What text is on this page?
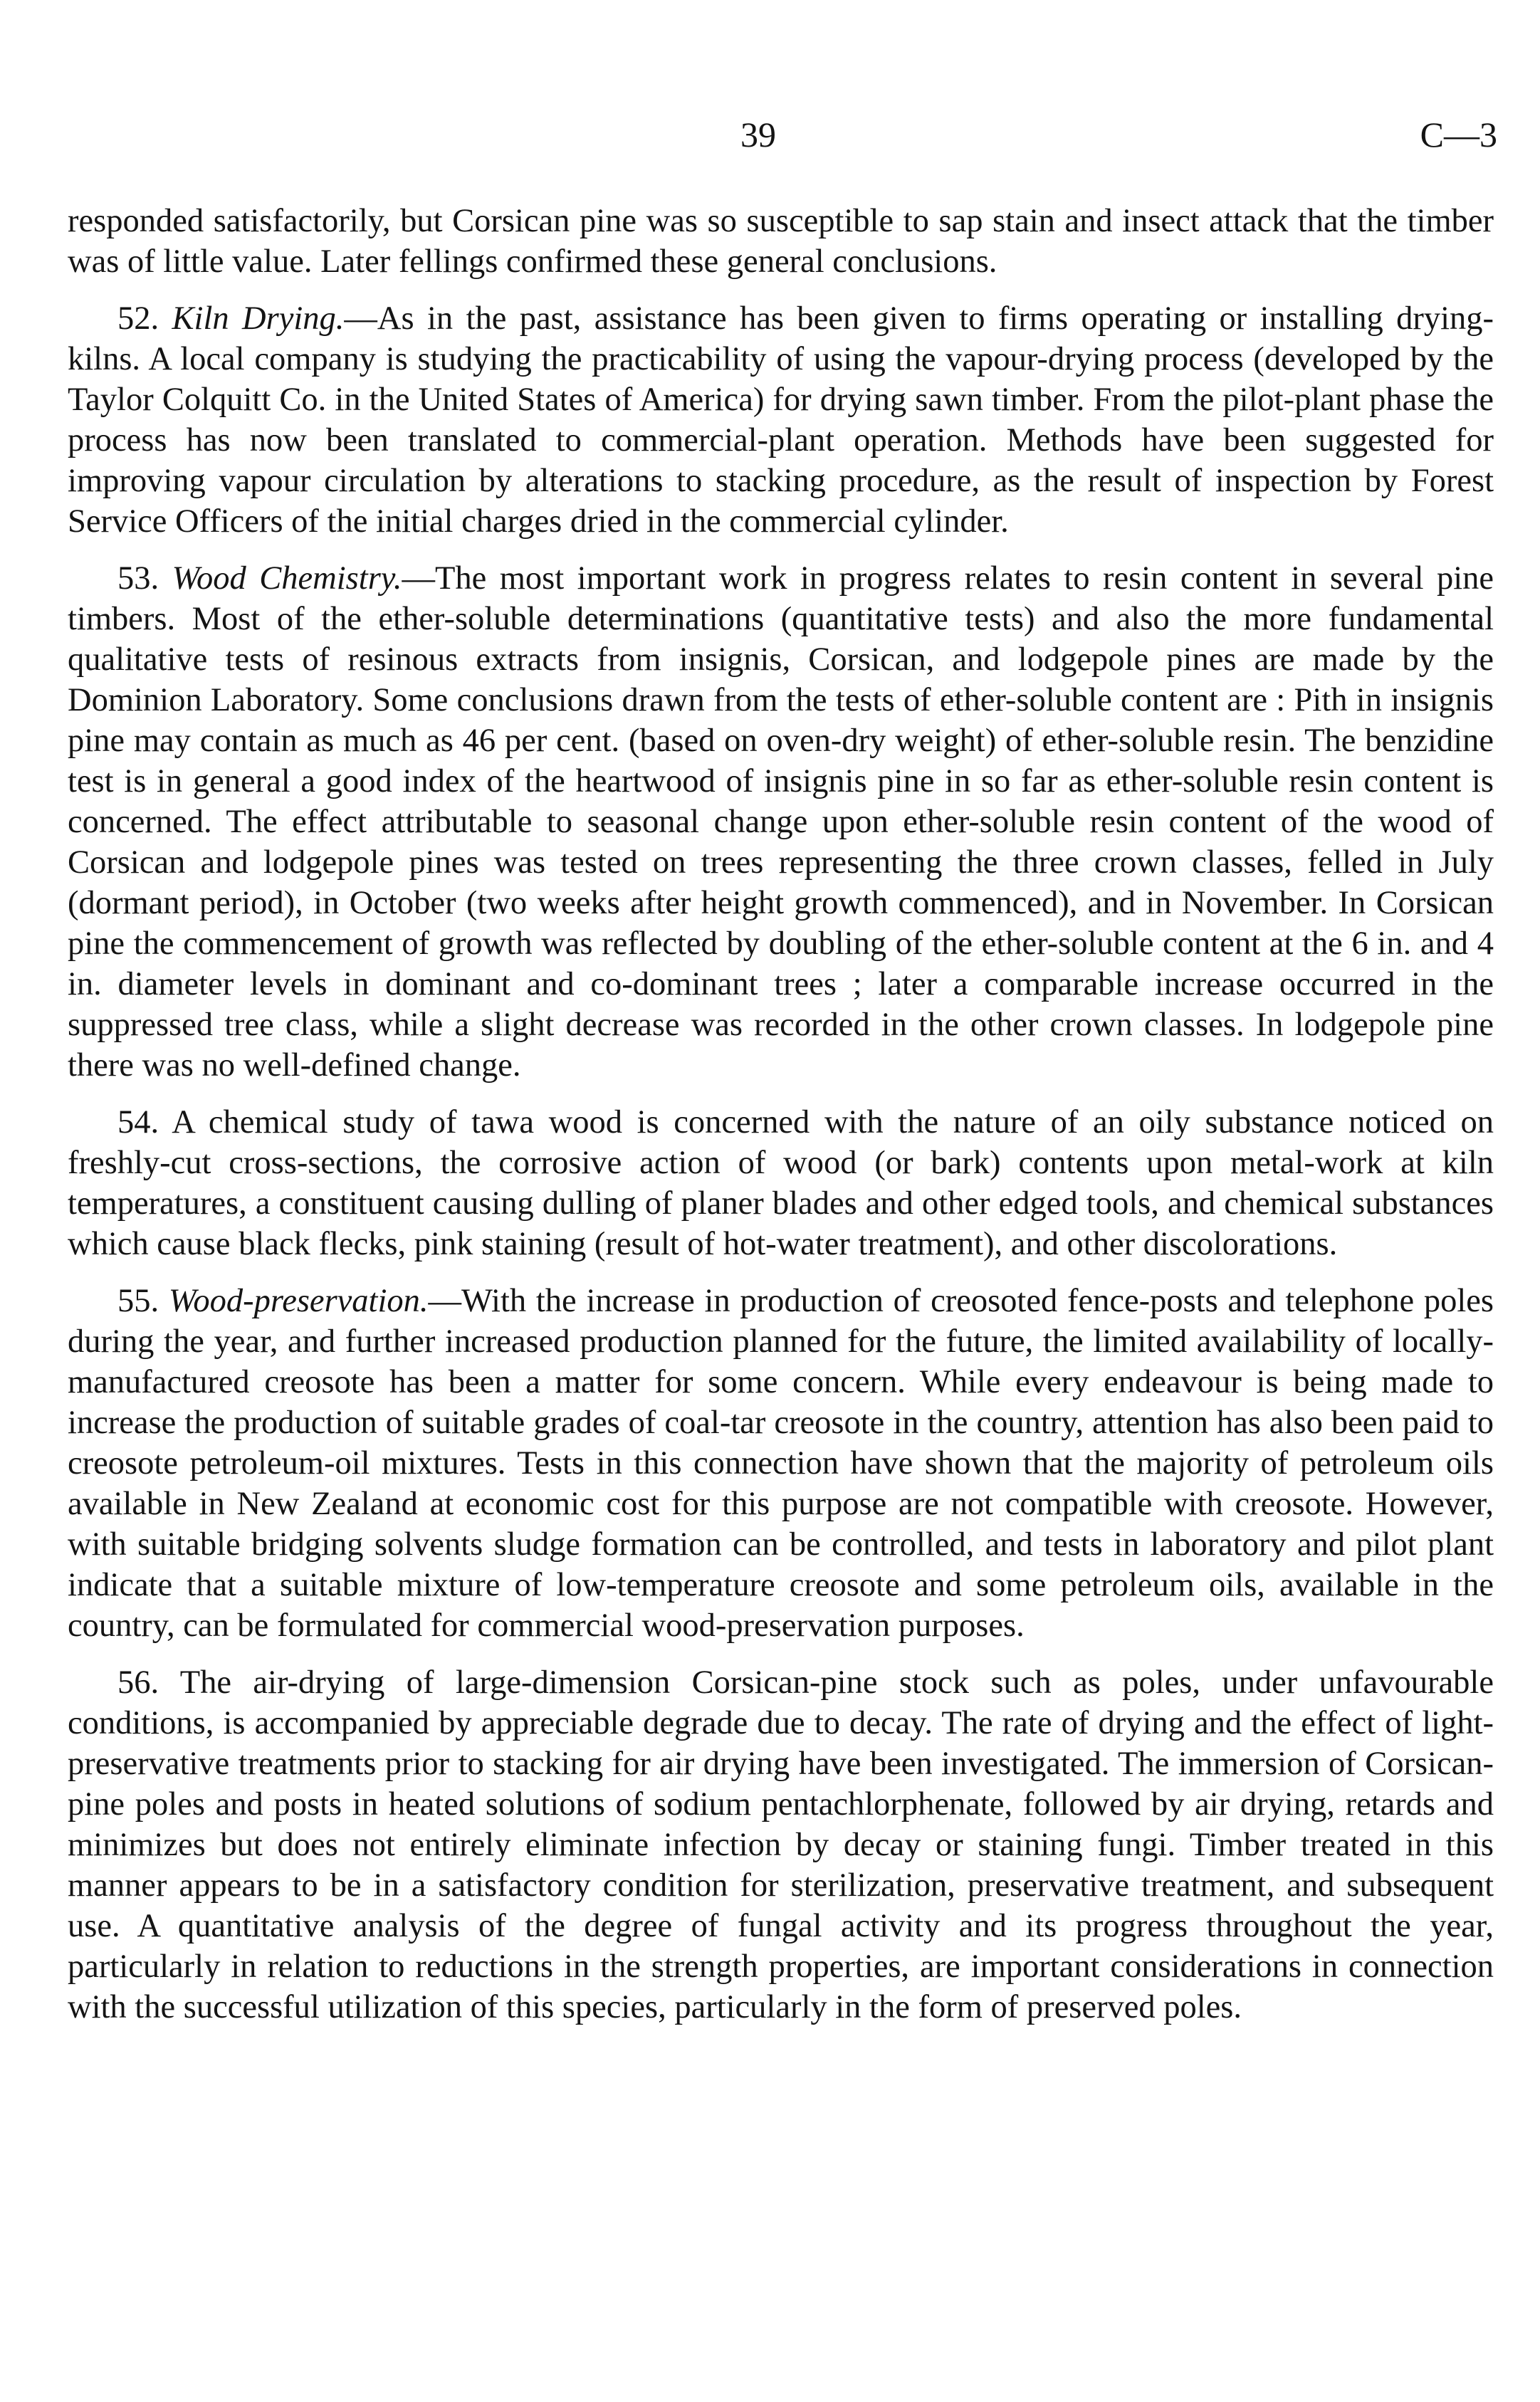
39	C—3

responded satisfactorily, but Corsican pine was so susceptible to sap stain and insect attack that the timber was of little value. Later fellings confirmed these general conclusions.

52. Kiln Drying.—As in the past, assistance has been given to firms operating or installing drying-kilns. A local company is studying the practicability of using the vapour-drying process (developed by the Taylor Colquitt Co. in the United States of America) for drying sawn timber. From the pilot-plant phase the process has now been translated to commercial-plant operation. Methods have been suggested for improving vapour circulation by alterations to stacking procedure, as the result of inspection by Forest Service Officers of the initial charges dried in the commercial cylinder.

53. Wood Chemistry.—The most important work in progress relates to resin content in several pine timbers. Most of the ether-soluble determinations (quantitative tests) and also the more fundamental qualitative tests of resinous extracts from insignis, Corsican, and lodgepole pines are made by the Dominion Laboratory. Some conclusions drawn from the tests of ether-soluble content are : Pith in insignis pine may contain as much as 46 per cent. (based on oven-dry weight) of ether-soluble resin. The benzidine test is in general a good index of the heartwood of insignis pine in so far as ether-soluble resin content is concerned. The effect attributable to seasonal change upon ether-soluble resin content of the wood of Corsican and lodgepole pines was tested on trees representing the three crown classes, felled in July (dormant period), in October (two weeks after height growth commenced), and in November. In Corsican pine the commencement of growth was reflected by doubling of the ether-soluble content at the 6 in. and 4 in. diameter levels in dominant and co-dominant trees ; later a comparable increase occurred in the suppressed tree class, while a slight decrease was recorded in the other crown classes. In lodgepole pine there was no well-defined change.

54. A chemical study of tawa wood is concerned with the nature of an oily substance noticed on freshly-cut cross-sections, the corrosive action of wood (or bark) contents upon metal-work at kiln temperatures, a constituent causing dulling of planer blades and other edged tools, and chemical substances which cause black flecks, pink staining (result of hot-water treatment), and other discolorations.

55. Wood-preservation.—With the increase in production of creosoted fence-posts and telephone poles during the year, and further increased production planned for the future, the limited availability of locally-manufactured creosote has been a matter for some concern. While every endeavour is being made to increase the production of suitable grades of coal-tar creosote in the country, attention has also been paid to creosote petroleum-oil mixtures. Tests in this connection have shown that the majority of petroleum oils available in New Zealand at economic cost for this purpose are not compatible with creosote. However, with suitable bridging solvents sludge formation can be controlled, and tests in laboratory and pilot plant indicate that a suitable mixture of low-temperature creosote and some petroleum oils, available in the country, can be formulated for commercial wood-preservation purposes.

56. The air-drying of large-dimension Corsican-pine stock such as poles, under unfavourable conditions, is accompanied by appreciable degrade due to decay. The rate of drying and the effect of light-preservative treatments prior to stacking for air drying have been investigated. The immersion of Corsican-pine poles and posts in heated solutions of sodium pentachlorphenate, followed by air drying, retards and minimizes but does not entirely eliminate infection by decay or staining fungi. Timber treated in this manner appears to be in a satisfactory condition for sterilization, preservative treatment, and subsequent use. A quantitative analysis of the degree of fungal activity and its progress throughout the year, particularly in relation to reductions in the strength properties, are important considerations in connection with the successful utilization of this species, particularly in the form of preserved poles.
